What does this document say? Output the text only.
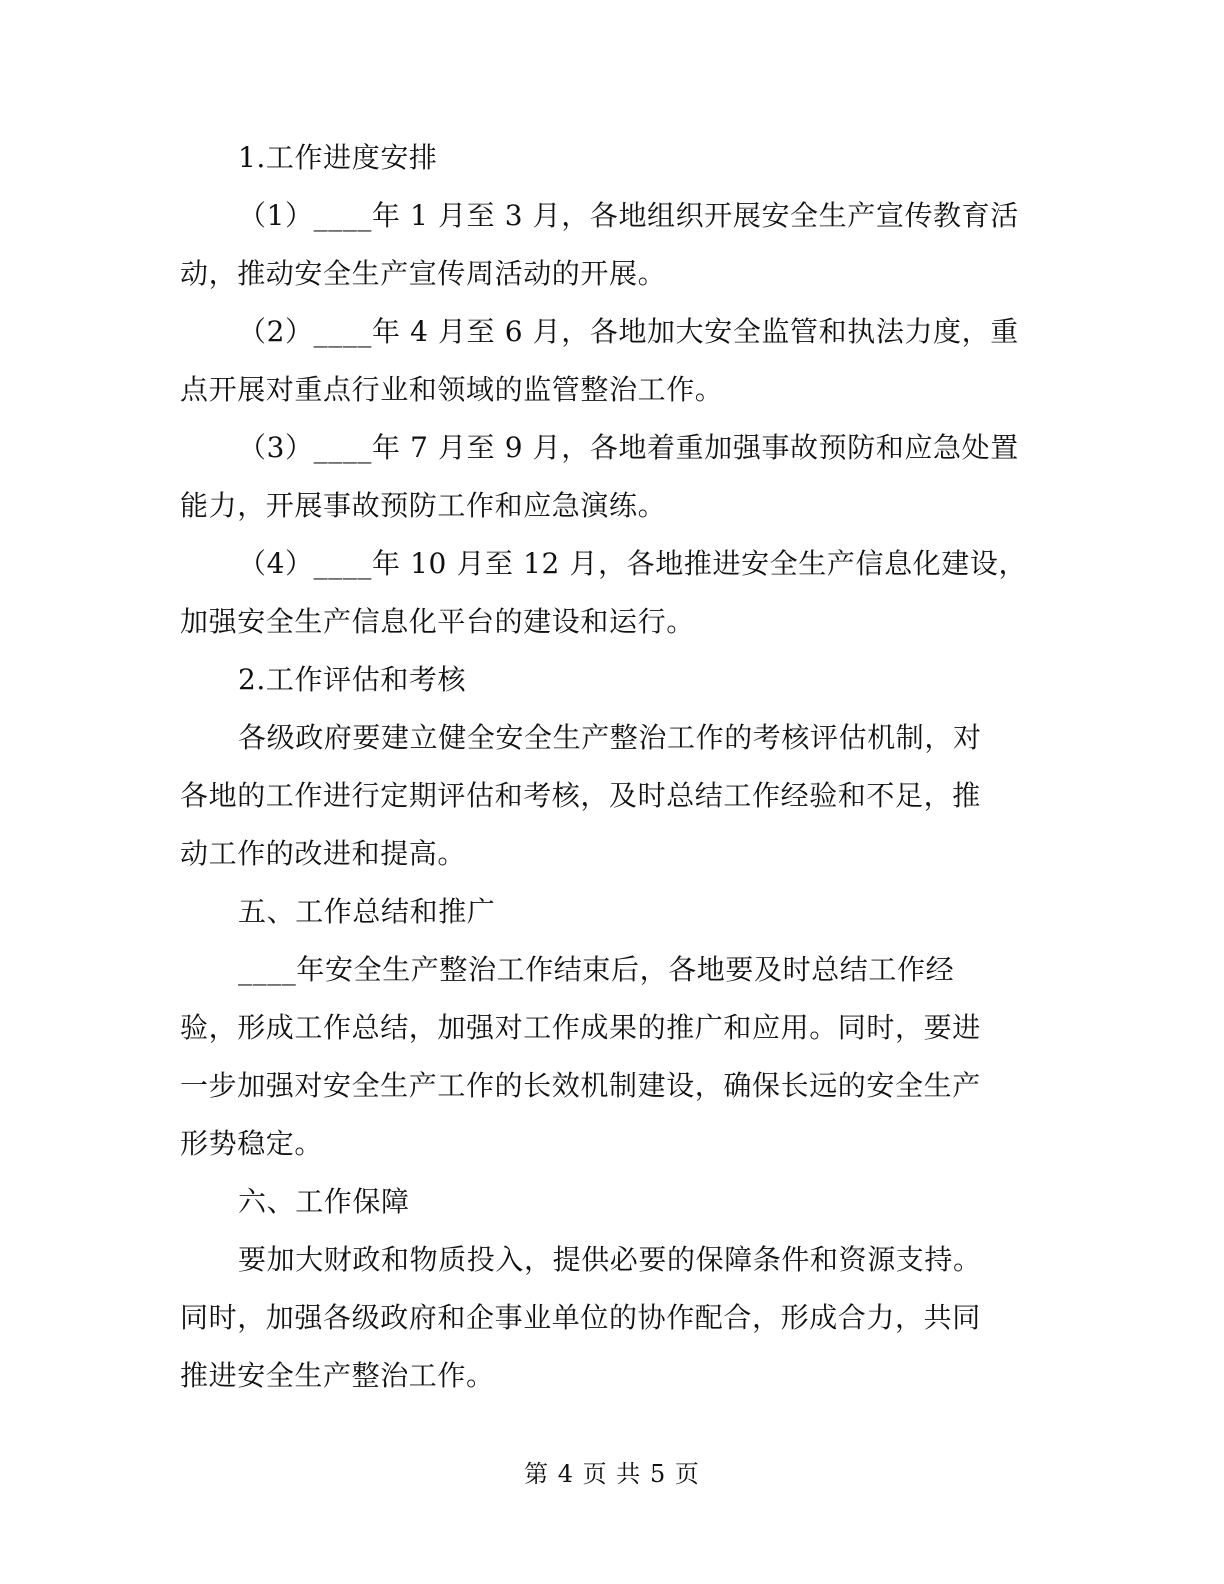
1.工作进度安排
（1）____年 1 月至 3 月，各地组织开展安全生产宣传教育活
动，推动安全生产宣传周活动的开展。
（2）____年 4 月至 6 月，各地加大安全监管和执法力度，重
点开展对重点行业和领域的监管整治工作。
（3）____年 7 月至 9 月，各地着重加强事故预防和应急处置
能力，开展事故预防工作和应急演练。
（4）____年 10 月至 12 月，各地推进安全生产信息化建设，
加强安全生产信息化平台的建设和运行。
2.工作评估和考核
各级政府要建立健全安全生产整治工作的考核评估机制，对
各地的工作进行定期评估和考核，及时总结工作经验和不足，推
动工作的改进和提高。
五、工作总结和推广
____年安全生产整治工作结束后，各地要及时总结工作经
验，形成工作总结，加强对工作成果的推广和应用。同时，要进
一步加强对安全生产工作的长效机制建设，确保长远的安全生产
形势稳定。
六、工作保障
要加大财政和物质投入，提供必要的保障条件和资源支持。
同时，加强各级政府和企事业单位的协作配合，形成合力，共同
推进安全生产整治工作。
第 4 页 共 5 页
